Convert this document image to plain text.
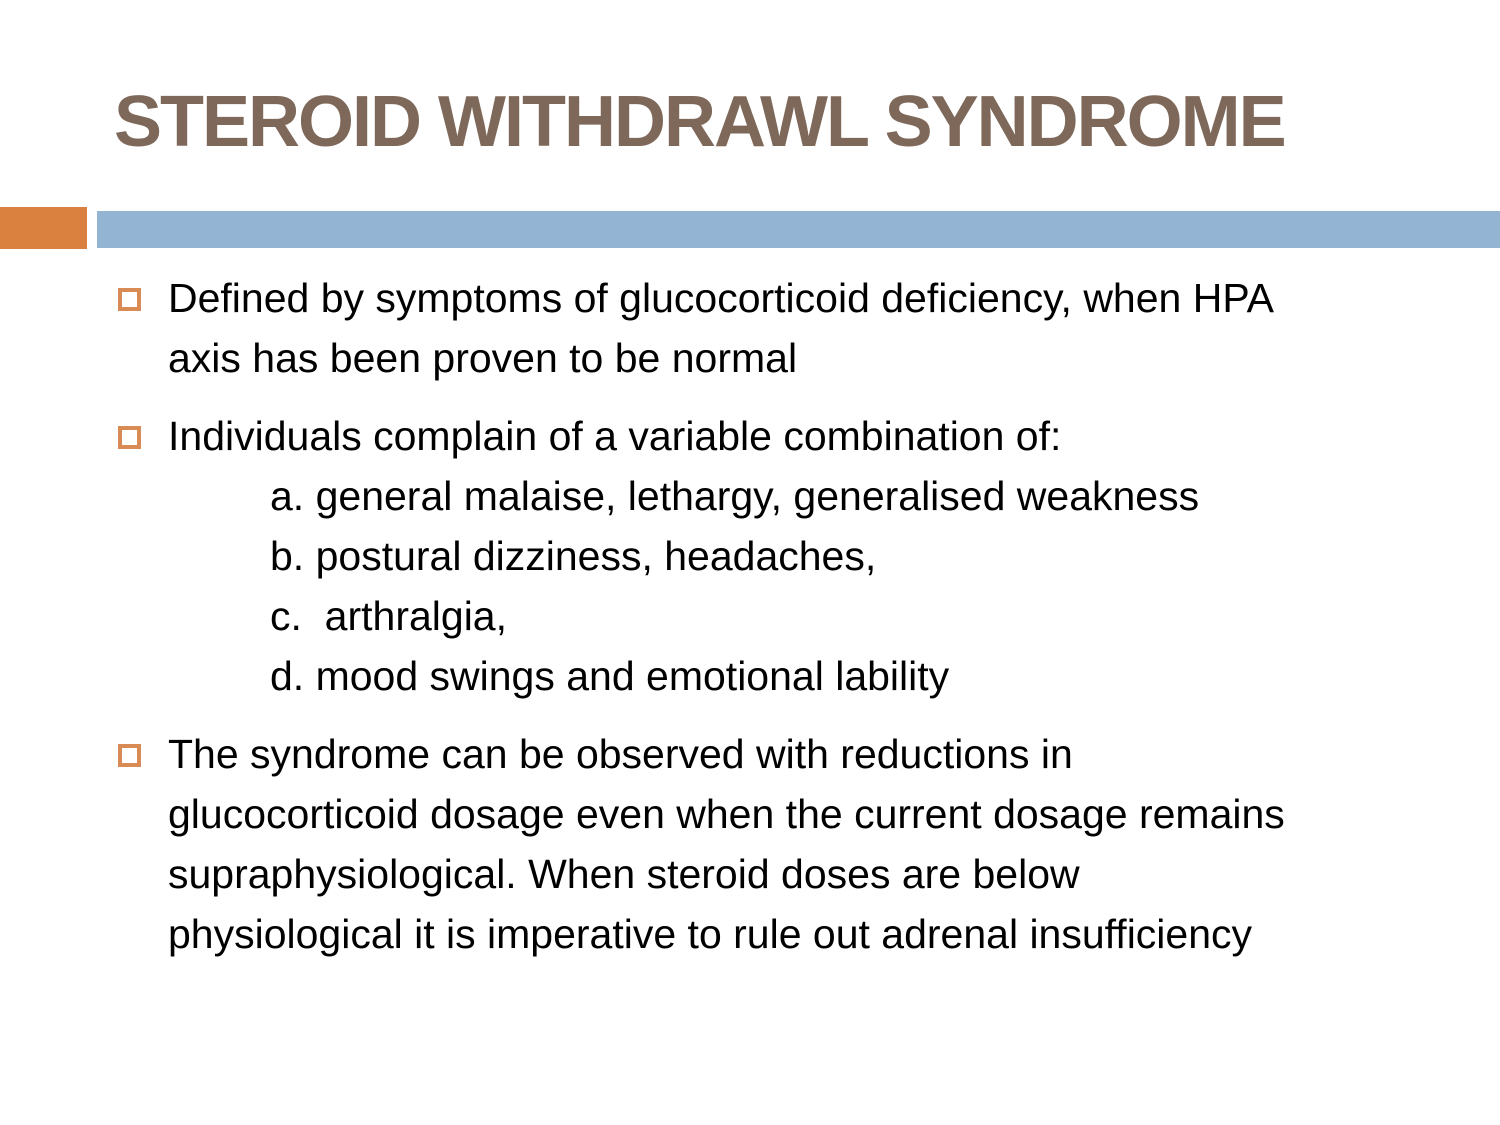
STEROID WITHDRAWL SYNDROME
Defined by symptoms of glucocorticoid deficiency, when HPA
axis has been proven to be normal
Individuals complain of a variable combination of:
a. general malaise, lethargy, generalised weakness
b. postural dizziness, headaches,
c.  arthralgia,
d. mood swings and emotional lability
The syndrome can be observed with reductions in
glucocorticoid dosage even when the current dosage remains
supraphysiological. When steroid doses are below
physiological it is imperative to rule out adrenal insufficiency
